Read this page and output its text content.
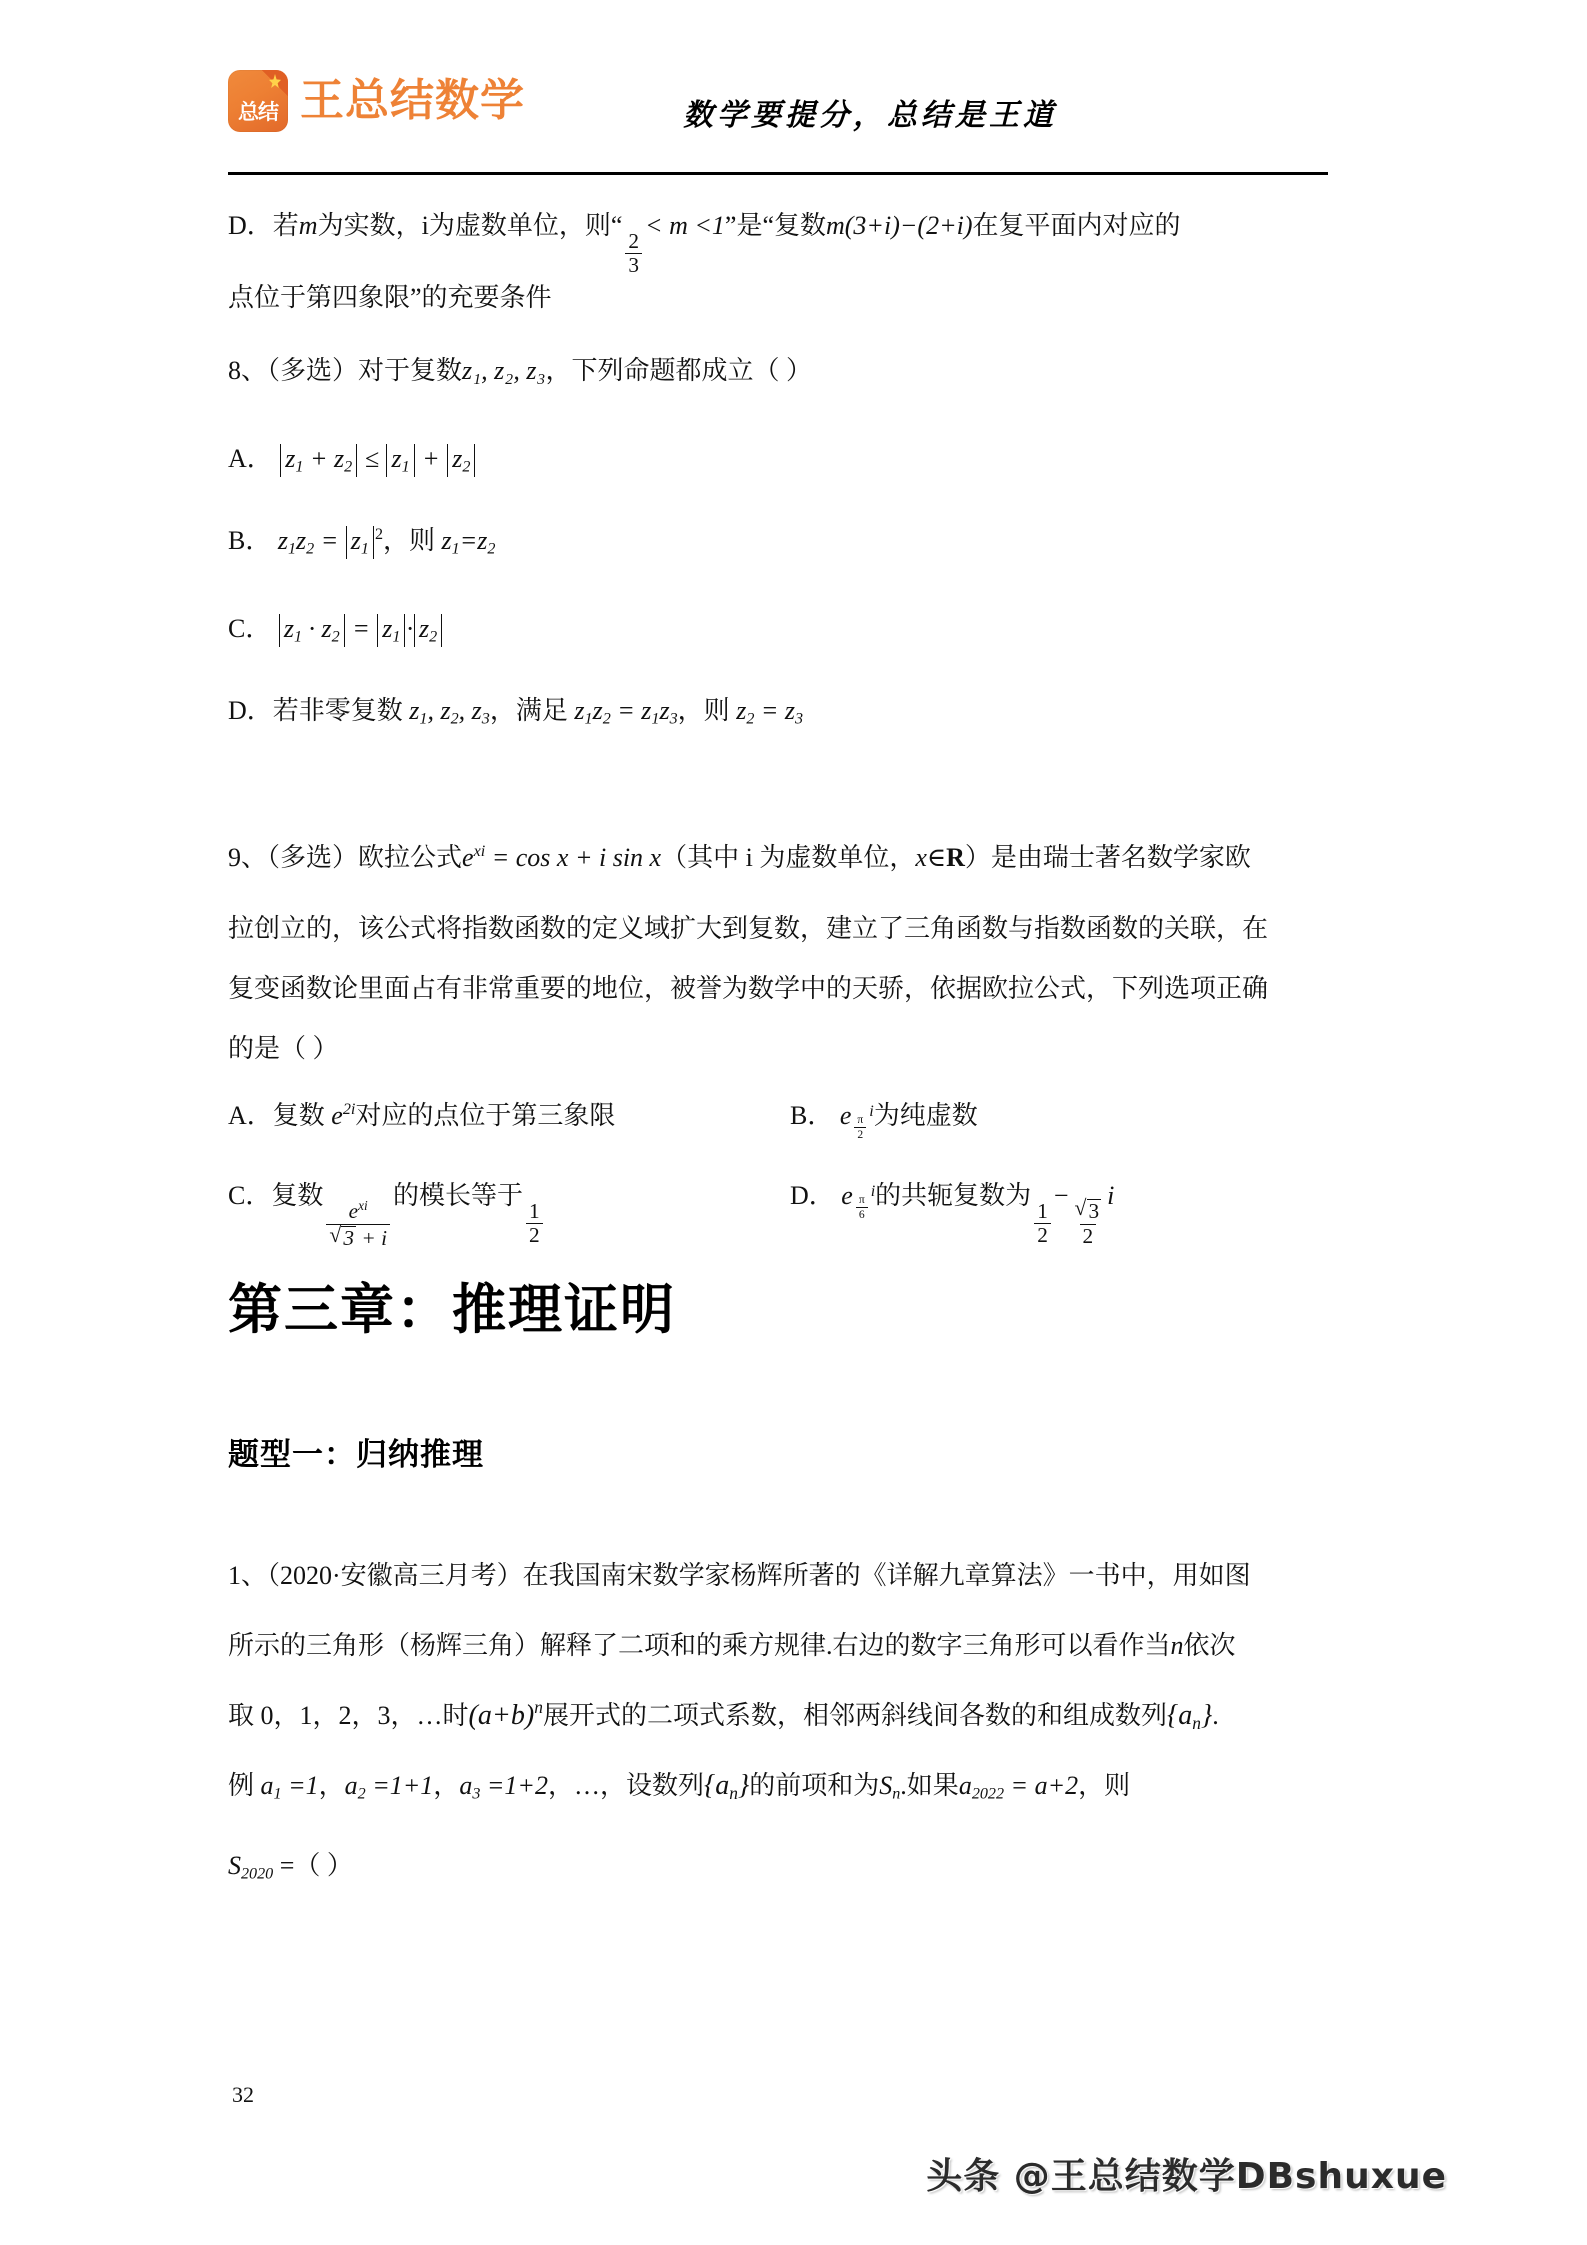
总结 王总结数学	数学要提分，总结是王道
D．若m为实数，i为虚数单位，则“
$\frac{2}{3}$
< m <1”是“复数m(3+i)−(2+i)在复平面内对应的
点位于第四象限”的充要条件
8、（多选）对于复数z₁, z₂, z₃，下列命题都成立（ ）
A． $z_1 + z_2 \le z_1 + z_2$
B． $z_1z_2 = z_1^2$，则 $z_1=z_2$
C． $z_1 \cdot z_2 = z_1 \cdot z_2$
D．若非零复数 $z_1$, $z_2$, $z_3$，满足 $z_1z_2 = z_1z_3$，则 $z_2 = z_3$
9、（多选）欧拉公式$e^{xi} = \cos x + i$ sin x（其中 i 为虚数单位，x∈R）是由瑞士著名数学家欧
拉创立的，该公式将指数函数的定义域扩大到复数，建立了三角函数与指数函数的关联，在
复变函数论里面占有非常重要的地位，被誉为数学中的天骄，依据欧拉公式，下列选项正确
的是（ ）
A．复数 $e^{2i}$对应的点位于第三象限	B． e $^{\frac{\pi}{2} i}$为纯虚数
C．复数
$e^{xi}$
√ 3 + i
的模长等于
$\frac{1}{2}$
D． e $^{\frac{\pi}{6} i}$的共轭复数为
$\frac{1}{2}$
−
√ $\frac{3}{2}$
i
第三章：推理证明
题型一：归纳推理
1、（2020·安徽高三月考）在我国南宋数学家杨辉所著的《详解九章算法》一书中，用如图
所示的三角形（杨辉三角）解释了二项和的乘方规律.右边的数字三角形可以看作当n依次
取 0，1，2，3，…时$(a+b)^n$展开式的二项式系数，相邻两斜线间各数的和组成数列$\{a_n\}$.
例 $a_1 =1$，$a_2 =1+1$，$a_3 =1+2$，…，设数列$\{a_n\}$的前项和为$S_n$.如果$a_{2022} = a+2$，则
$S_{2020}$ =（ ）
32
头条 @王总结数学DBshuxue
